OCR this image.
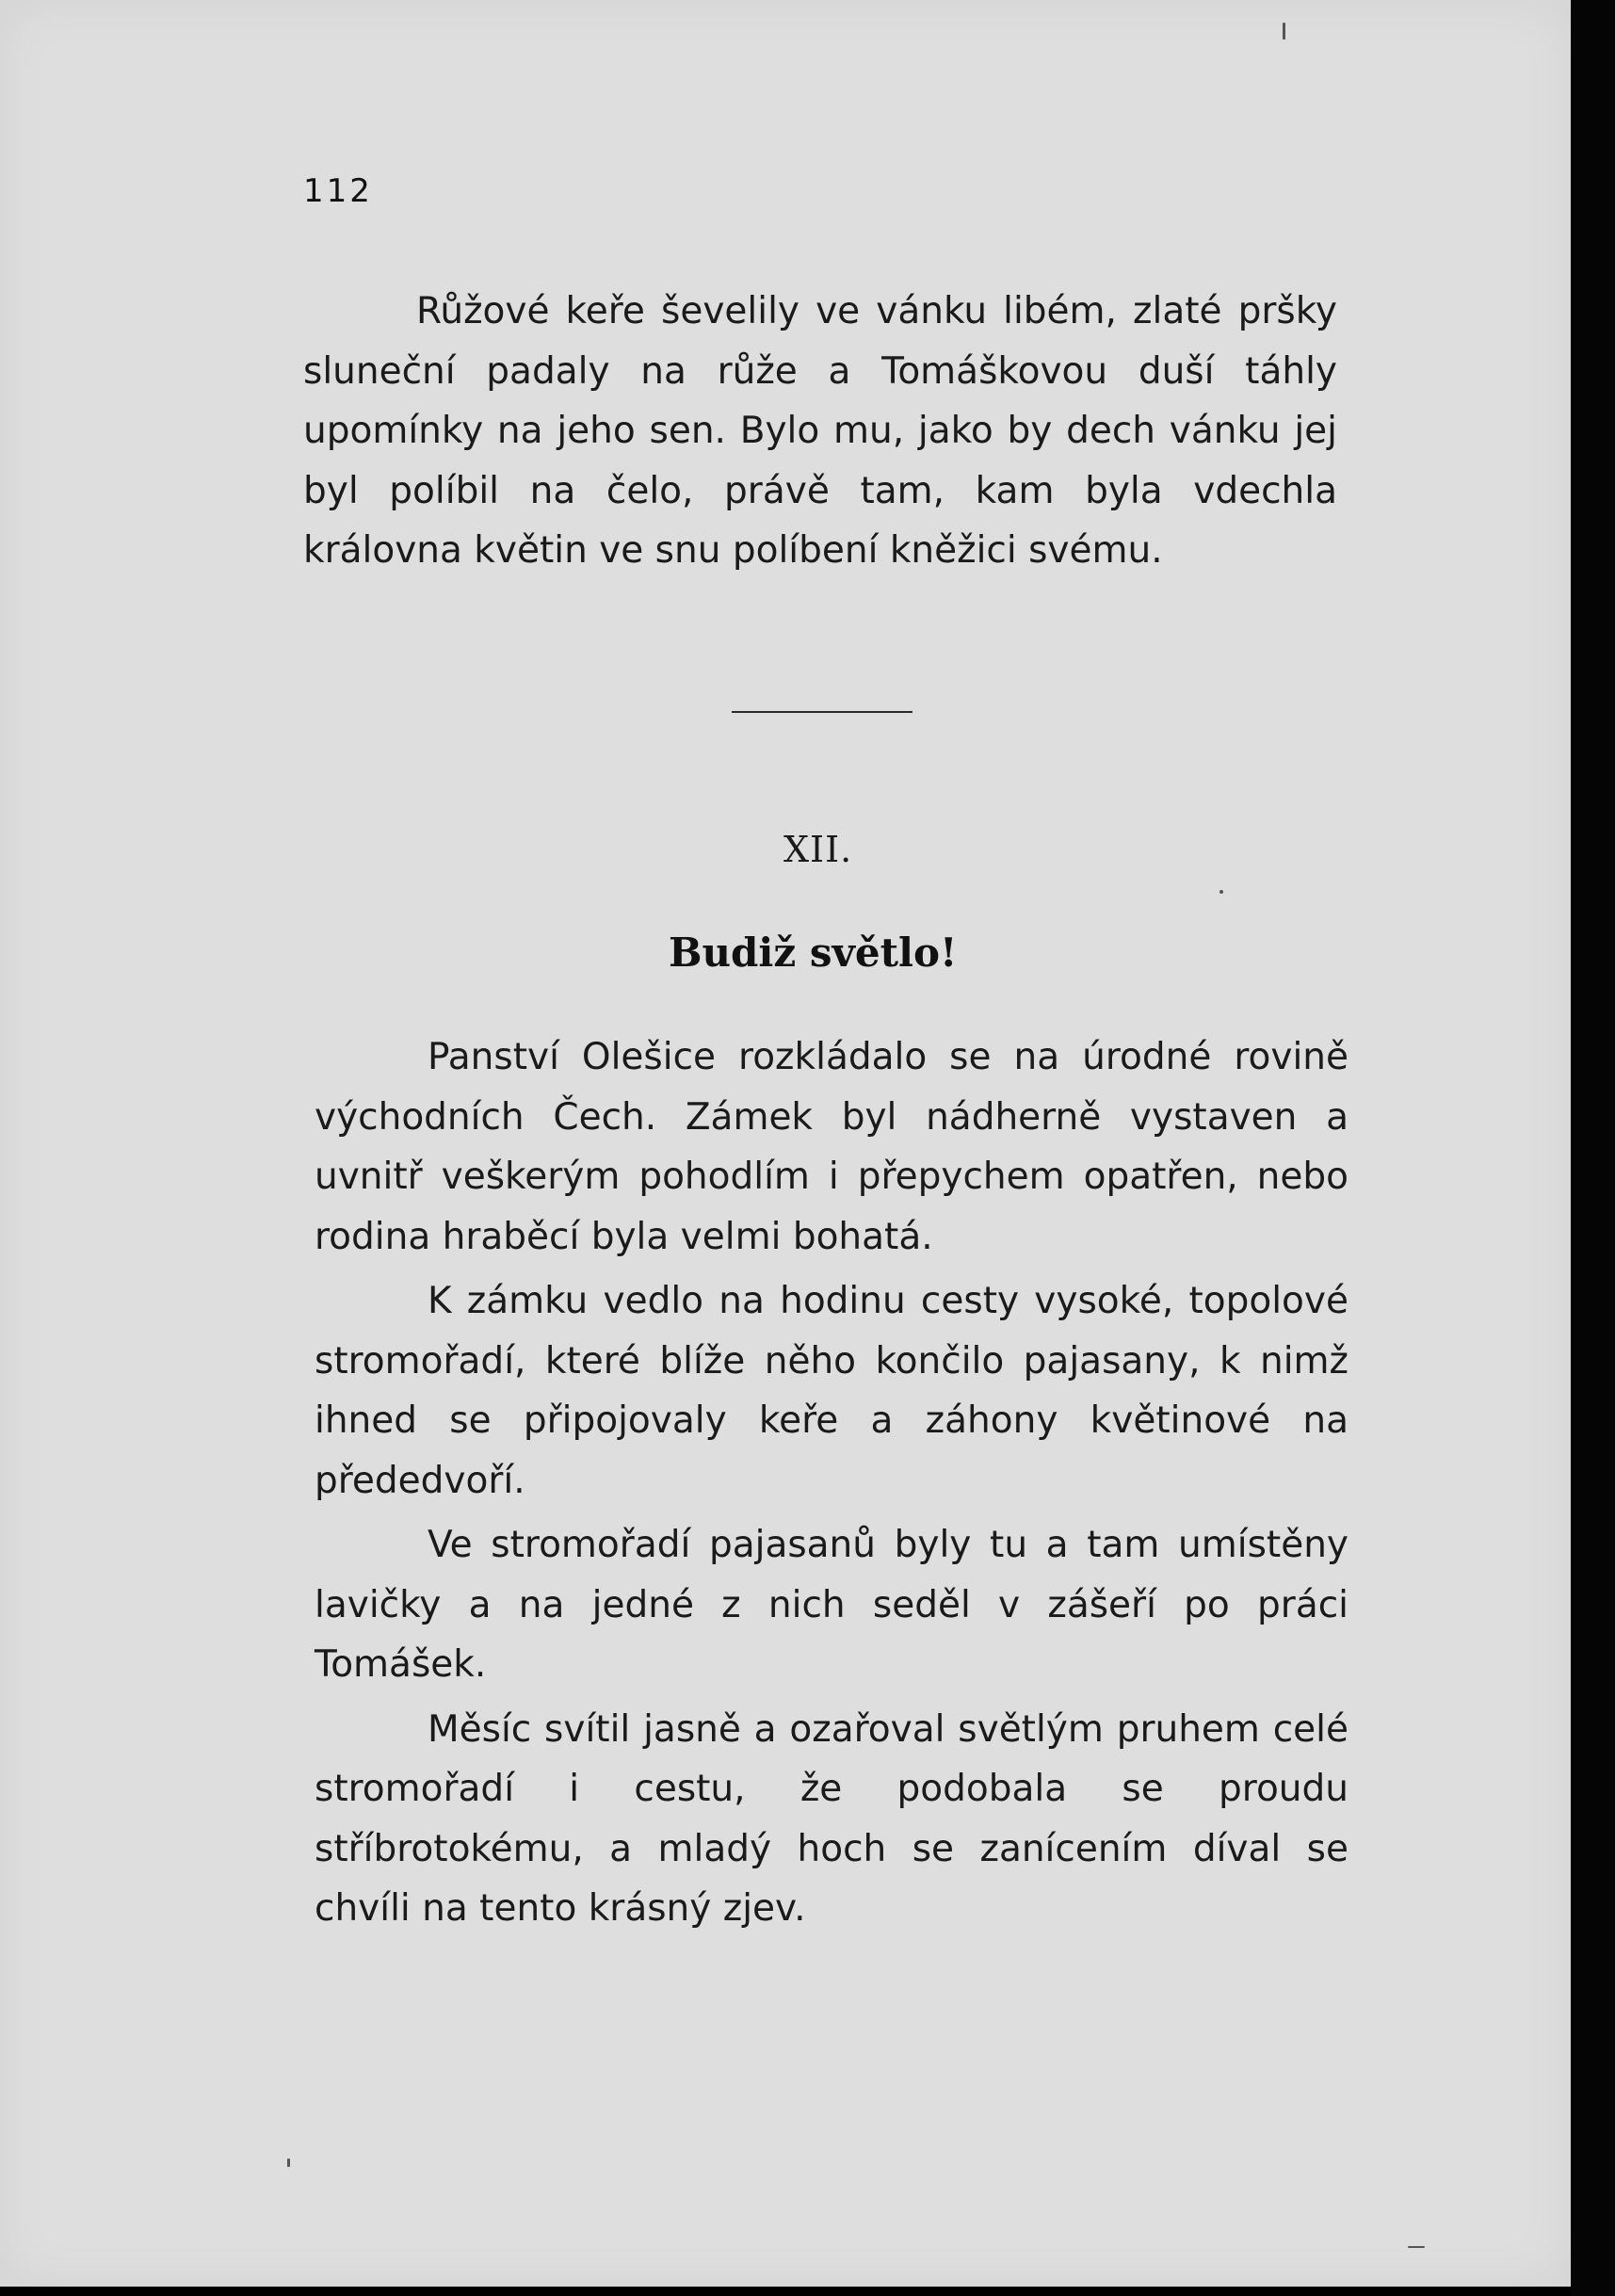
112

Růžové keře ševelily ve vánku libém, zlaté pršky sluneční padaly na růže a Tomáškovou duší táhly upomínky na jeho sen. Bylo mu, jako by dech vánku jej byl políbil na čelo, právě tam, kam byla vdechla královna květin ve snu políbení kněžici svému.

XII.
Budiž světlo!

Panství Olešice rozkládalo se na úrodné rovině východních Čech. Zámek byl nádherně vystaven a uvnitř veškerým pohodlím i přepychem opatřen, nebo rodina hraběcí byla velmi bohatá.

K zámku vedlo na hodinu cesty vysoké, topolové stromořadí, které blíže něho končilo pajasany, k nimž ihned se připojovaly keře a záhony květinové na přededvoří.

Ve stromořadí pajasanů byly tu a tam umístěny lavičky a na jedné z nich seděl v zášeří po práci Tomášek.

Měsíc svítil jasně a ozařoval světlým pruhem celé stromořadí i cestu, že podobala se proudu stříbrotokému, a mladý hoch se zanícením díval se chvíli na tento krásný zjev.
